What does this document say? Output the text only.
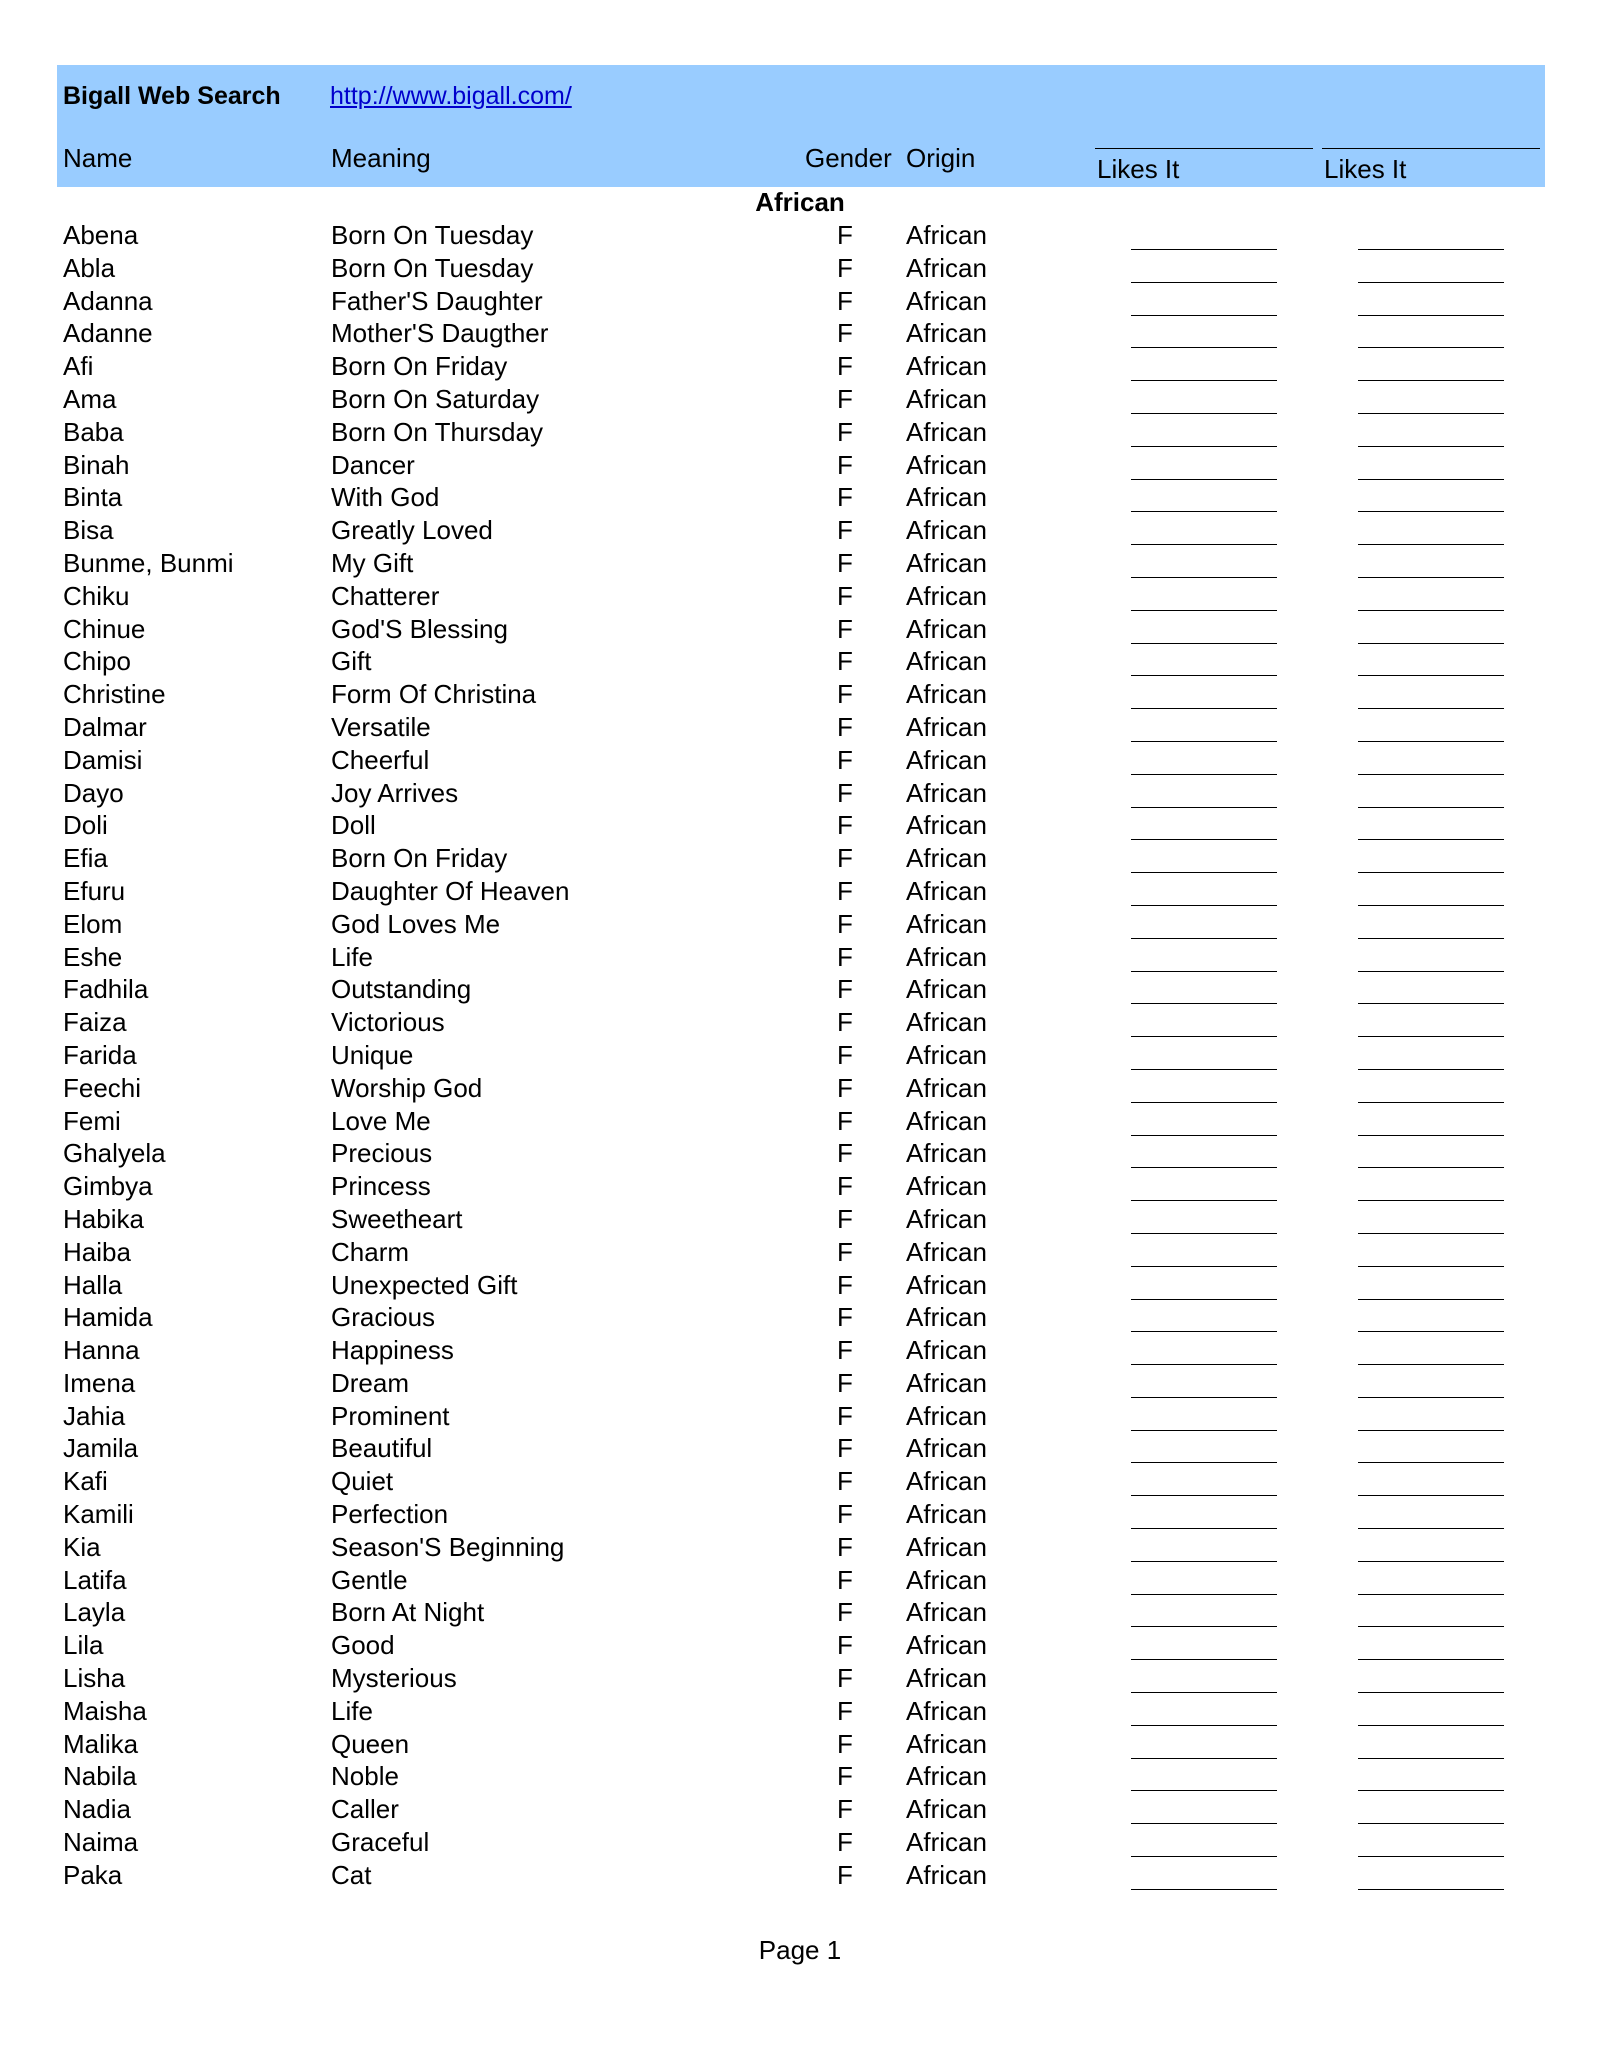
Bigall Web Search http://www.bigall.com/
Name	Meaning	Gender Origin	Likes It	Likes It
African
Abena	Born On Tuesday	F African
Abla	Born On Tuesday	F African
Adanna	Father'S Daughter	F African
Adanne	Mother'S Daugther	F African
Afi	Born On Friday	F African
Ama	Born On Saturday	F African
Baba	Born On Thursday	F African
Binah	Dancer	F African
Binta	With God	F African
Bisa	Greatly Loved	F African
Bunme, Bunmi	My Gift	F African
Chiku	Chatterer	F African
Chinue	God'S Blessing	F African
Chipo	Gift	F African
Christine	Form Of Christina	F African
Dalmar	Versatile	F African
Damisi	Cheerful	F African
Dayo	Joy Arrives	F African
Doli	Doll	F African
Efia	Born On Friday	F African
Efuru	Daughter Of Heaven	F African
Elom	God Loves Me	F African
Eshe	Life	F African
Fadhila	Outstanding	F African
Faiza	Victorious	F African
Farida	Unique	F African
Feechi	Worship God	F African
Femi	Love Me	F African
Ghalyela	Precious	F African
Gimbya	Princess	F African
Habika	Sweetheart	F African
Haiba	Charm	F African
Halla	Unexpected Gift	F African
Hamida	Gracious	F African
Hanna	Happiness	F African
Imena	Dream	F African
Jahia	Prominent	F African
Jamila	Beautiful	F African
Kafi	Quiet	F African
Kamili	Perfection	F African
Kia	Season'S Beginning	F African
Latifa	Gentle	F African
Layla	Born At Night	F African
Lila	Good	F African
Lisha	Mysterious	F African
Maisha	Life	F African
Malika	Queen	F African
Nabila	Noble	F African
Nadia	Caller	F African
Naima	Graceful	F African
Paka	Cat	F African
Page 1
